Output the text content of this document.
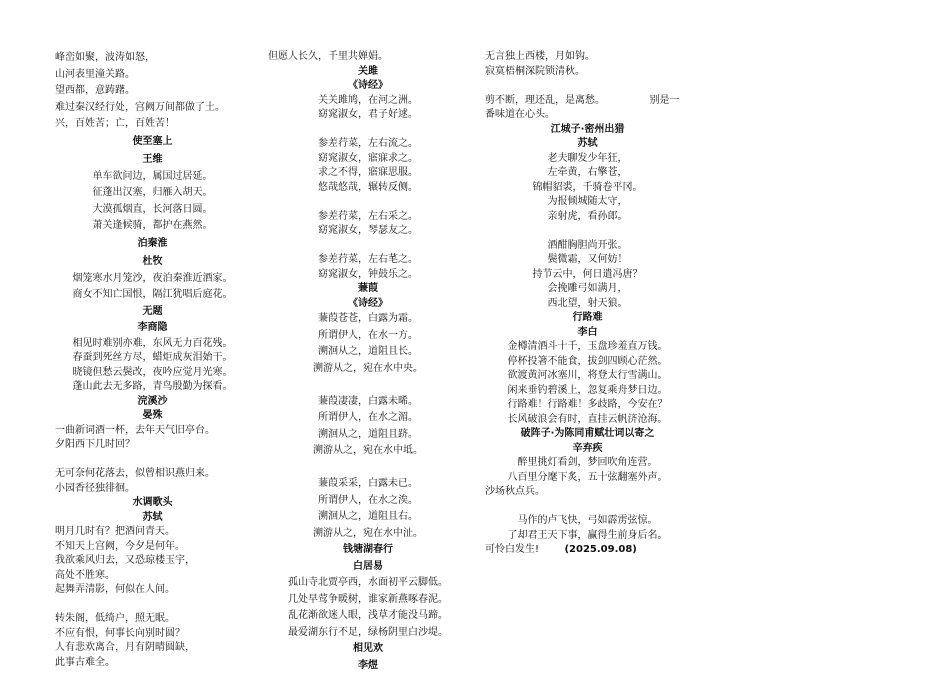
峰峦如聚，波涛如怒，
山河表里潼关路。
望西都，意踌躇。
难过秦汉经行处，宫阙万间都做了土。
兴，百姓苦；亡，百姓苦！
使至塞上
王维
单车欲问边，属国过居延。
征蓬出汉塞，归雁入胡天。
大漠孤烟直，长河落日圆。
萧关逢候骑，都护在燕然。
泊秦淮
杜牧
烟笼寒水月笼沙，夜泊秦淮近酒家。
商女不知亡国恨，隔江犹唱后庭花。
无题
李商隐
相见时难别亦难，东风无力百花残。
春蚕到死丝方尽，蜡炬成灰泪始干。
晓镜但愁云鬓改，夜吟应觉月光寒。
蓬山此去无多路，青鸟殷勤为探看。
浣溪沙
晏殊
一曲新词酒一杯，去年天气旧亭台。
夕阳西下几时回？
无可奈何花落去，似曾相识燕归来。
小园香径独徘徊。
水调歌头
苏轼
明月几时有？把酒问青天。
不知天上宫阙，今夕是何年。
我欲乘风归去，又恐琼楼玉宇，
高处不胜寒。
起舞弄清影，何似在人间。
转朱阁，低绮户，照无眠。
不应有恨，何事长向别时圆？
人有悲欢离合，月有阴晴圆缺，
此事古难全。
但愿人长久，千里共婵娟。
关雎
《诗经》
关关雎鸠，在河之洲。
窈窕淑女，君子好逑。
参差荇菜，左右流之。
窈窕淑女，寤寐求之。
求之不得，寤寐思服。
悠哉悠哉，辗转反侧。
参差荇菜，左右采之。
窈窕淑女，琴瑟友之。
参差荇菜，左右芼之。
窈窕淑女，钟鼓乐之。
蒹葭
《诗经》
蒹葭苍苍，白露为霜。
所谓伊人，在水一方。
溯洄从之，道阻且长。
溯游从之，宛在水中央。
蒹葭凄凄，白露未晞。
所谓伊人，在水之湄。
溯洄从之，道阻且跻。
溯游从之，宛在水中坻。
蒹葭采采，白露未已。
所谓伊人，在水之涘。
溯洄从之，道阻且右。
溯游从之，宛在水中沚。
钱塘湖春行
白居易
孤山寺北贾亭西，水面初平云脚低。
几处早莺争暖树，谁家新燕啄春泥。
乱花渐欲迷人眼，浅草才能没马蹄。
最爱湖东行不足，绿杨阴里白沙堤。
相见欢
李煜
无言独上西楼，月如钩。
寂寞梧桐深院锁清秋。
剪不断，理还乱，是离愁。              别是一
番味道在心头。
江城子·密州出猎
苏轼
老夫聊发少年狂，
左牵黄，右擎苍，
锦帽貂裘，千骑卷平冈。
为报倾城随太守，
亲射虎，看孙郎。
酒酣胸胆尚开张。
鬓微霜，又何妨！
持节云中，何日遣冯唐？
会挽雕弓如满月，
西北望，射天狼。
行路难
李白
金樽清酒斗十千，玉盘珍羞直万钱。
停杯投箸不能食，拔剑四顾心茫然。
欲渡黄河冰塞川，将登太行雪满山。
闲来垂钓碧溪上，忽复乘舟梦日边。
行路难！行路难！多歧路，今安在？
长风破浪会有时，直挂云帆济沧海。
破阵子·为陈同甫赋壮词以寄之
辛弃疾
醉里挑灯看剑，梦回吹角连营。
八百里分麾下炙，五十弦翻塞外声。
沙场秋点兵。
马作的卢飞快，弓如霹雳弦惊。
了却君王天下事，赢得生前身后名。
可怜白发生!        (2025.09.08)
